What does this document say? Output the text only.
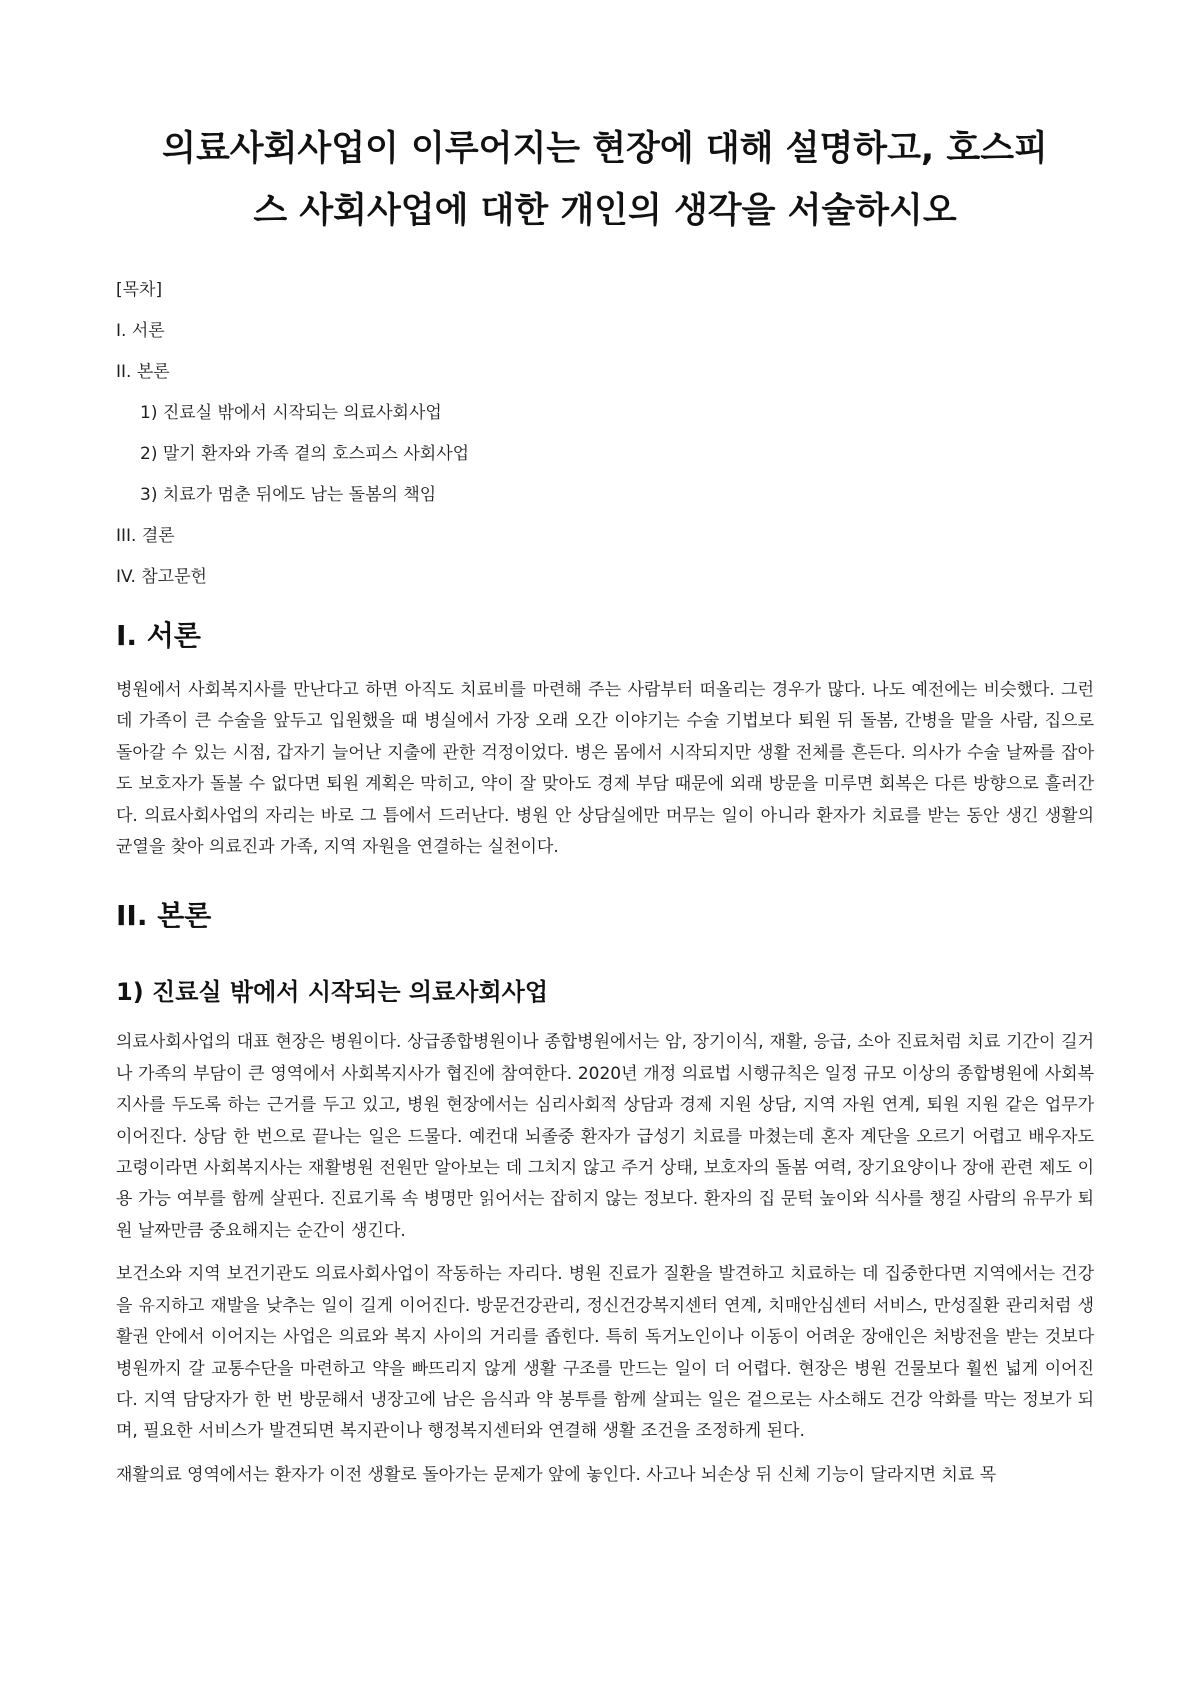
의료사회사업이 이루어지는 현장에 대해 설명하고, 호스피스 사회사업에 대한 개인의 생각을 서술하시오
[목차]
I. 서론
II. 본론
1) 진료실 밖에서 시작되는 의료사회사업
2) 말기 환자와 가족 곁의 호스피스 사회사업
3) 치료가 멈춘 뒤에도 남는 돌봄의 책임
III. 결론
IV. 참고문헌
I. 서론

병원에서 사회복지사를 만난다고 하면 아직도 치료비를 마련해 주는 사람부터 떠올리는 경우가 많다. 나도 예전에는 비슷했다. 그런데 가족이 큰 수술을 앞두고 입원했을 때 병실에서 가장 오래 오간 이야기는 수술 기법보다 퇴원 뒤 돌봄, 간병을 맡을 사람, 집으로 돌아갈 수 있는 시점, 갑자기 늘어난 지출에 관한 걱정이었다. 병은 몸에서 시작되지만 생활 전체를 흔든다. 의사가 수술 날짜를 잡아도 보호자가 돌볼 수 없다면 퇴원 계획은 막히고, 약이 잘 맞아도 경제 부담 때문에 외래 방문을 미루면 회복은 다른 방향으로 흘러간다. 의료사회사업의 자리는 바로 그 틈에서 드러난다. 병원 안 상담실에만 머무는 일이 아니라 환자가 치료를 받는 동안 생긴 생활의 균열을 찾아 의료진과 가족, 지역 자원을 연결하는 실천이다.

II. 본론
1) 진료실 밖에서 시작되는 의료사회사업

의료사회사업의 대표 현장은 병원이다. 상급종합병원이나 종합병원에서는 암, 장기이식, 재활, 응급, 소아 진료처럼 치료 기간이 길거나 가족의 부담이 큰 영역에서 사회복지사가 협진에 참여한다. 2020년 개정 의료법 시행규칙은 일정 규모 이상의 종합병원에 사회복지사를 두도록 하는 근거를 두고 있고, 병원 현장에서는 심리사회적 상담과 경제 지원 상담, 지역 자원 연계, 퇴원 지원 같은 업무가 이어진다. 상담 한 번으로 끝나는 일은 드물다. 예컨대 뇌졸중 환자가 급성기 치료를 마쳤는데 혼자 계단을 오르기 어렵고 배우자도 고령이라면 사회복지사는 재활병원 전원만 알아보는 데 그치지 않고 주거 상태, 보호자의 돌봄 여력, 장기요양이나 장애 관련 제도 이용 가능 여부를 함께 살핀다. 진료기록 속 병명만 읽어서는 잡히지 않는 정보다. 환자의 집 문턱 높이와 식사를 챙길 사람의 유무가 퇴원 날짜만큼 중요해지는 순간이 생긴다.

보건소와 지역 보건기관도 의료사회사업이 작동하는 자리다. 병원 진료가 질환을 발견하고 치료하는 데 집중한다면 지역에서는 건강을 유지하고 재발을 낮추는 일이 길게 이어진다. 방문건강관리, 정신건강복지센터 연계, 치매안심센터 서비스, 만성질환 관리처럼 생활권 안에서 이어지는 사업은 의료와 복지 사이의 거리를 좁힌다. 특히 독거노인이나 이동이 어려운 장애인은 처방전을 받는 것보다 병원까지 갈 교통수단을 마련하고 약을 빠뜨리지 않게 생활 구조를 만드는 일이 더 어렵다. 현장은 병원 건물보다 훨씬 넓게 이어진다. 지역 담당자가 한 번 방문해서 냉장고에 남은 음식과 약 봉투를 함께 살피는 일은 겉으로는 사소해도 건강 악화를 막는 정보가 되며, 필요한 서비스가 발견되면 복지관이나 행정복지센터와 연결해 생활 조건을 조정하게 된다.

재활의료 영역에서는 환자가 이전 생활로 돌아가는 문제가 앞에 놓인다. 사고나 뇌손상 뒤 신체 기능이 달라지면 치료 목
